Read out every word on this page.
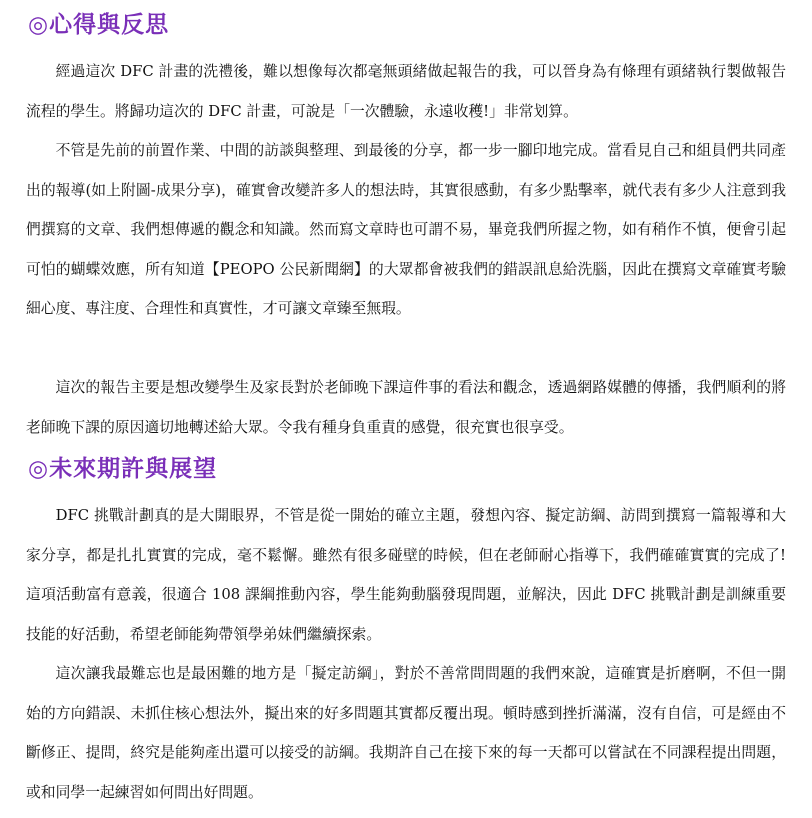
◎心得與反思

經過這次 DFC 計畫的洗禮後，難以想像每次都毫無頭緒做起報告的我，可以晉身為有條理有頭緒執行製做報告流程的學生。將歸功這次的 DFC 計畫，可說是「一次體驗，永遠收穫!」非常划算。

不管是先前的前置作業、中間的訪談與整理、到最後的分享，都一步一腳印地完成。當看見自己和組員們共同產出的報導(如上附圖-成果分享)，確實會改變許多人的想法時，其實很感動，有多少點擊率，就代表有多少人注意到我們撰寫的文章、我們想傳遞的觀念和知識。然而寫文章時也可謂不易，畢竟我們所握之物，如有稍作不慎，便會引起可怕的蝴蝶效應，所有知道【PEOPO 公民新聞網】的大眾都會被我們的錯誤訊息給洗腦，因此在撰寫文章確實考驗細心度、專注度、合理性和真實性，才可讓文章臻至無瑕。

這次的報告主要是想改變學生及家長對於老師晚下課這件事的看法和觀念，透過網路媒體的傳播，我們順利的將老師晚下課的原因適切地轉述給大眾。令我有種身負重責的感覺，很充實也很享受。

◎未來期許與展望

DFC 挑戰計劃真的是大開眼界，不管是從一開始的確立主題，發想內容、擬定訪綱、訪問到撰寫一篇報導和大家分享，都是扎扎實實的完成，毫不鬆懈。雖然有很多碰壁的時候，但在老師耐心指導下，我們確確實實的完成了!這項活動富有意義，很適合 108 課綱推動內容，學生能夠動腦發現問題，並解決，因此 DFC 挑戰計劃是訓練重要技能的好活動，希望老師能夠帶領學弟妹們繼續探索。

這次讓我最難忘也是最困難的地方是「擬定訪綱」，對於不善常問問題的我們來說，這確實是折磨啊，不但一開始的方向錯誤、未抓住核心想法外，擬出來的好多問題其實都反覆出現。頓時感到挫折滿滿，沒有自信，可是經由不斷修正、提問，終究是能夠產出還可以接受的訪綱。我期許自己在接下來的每一天都可以嘗試在不同課程提出問題，或和同學一起練習如何問出好問題。
